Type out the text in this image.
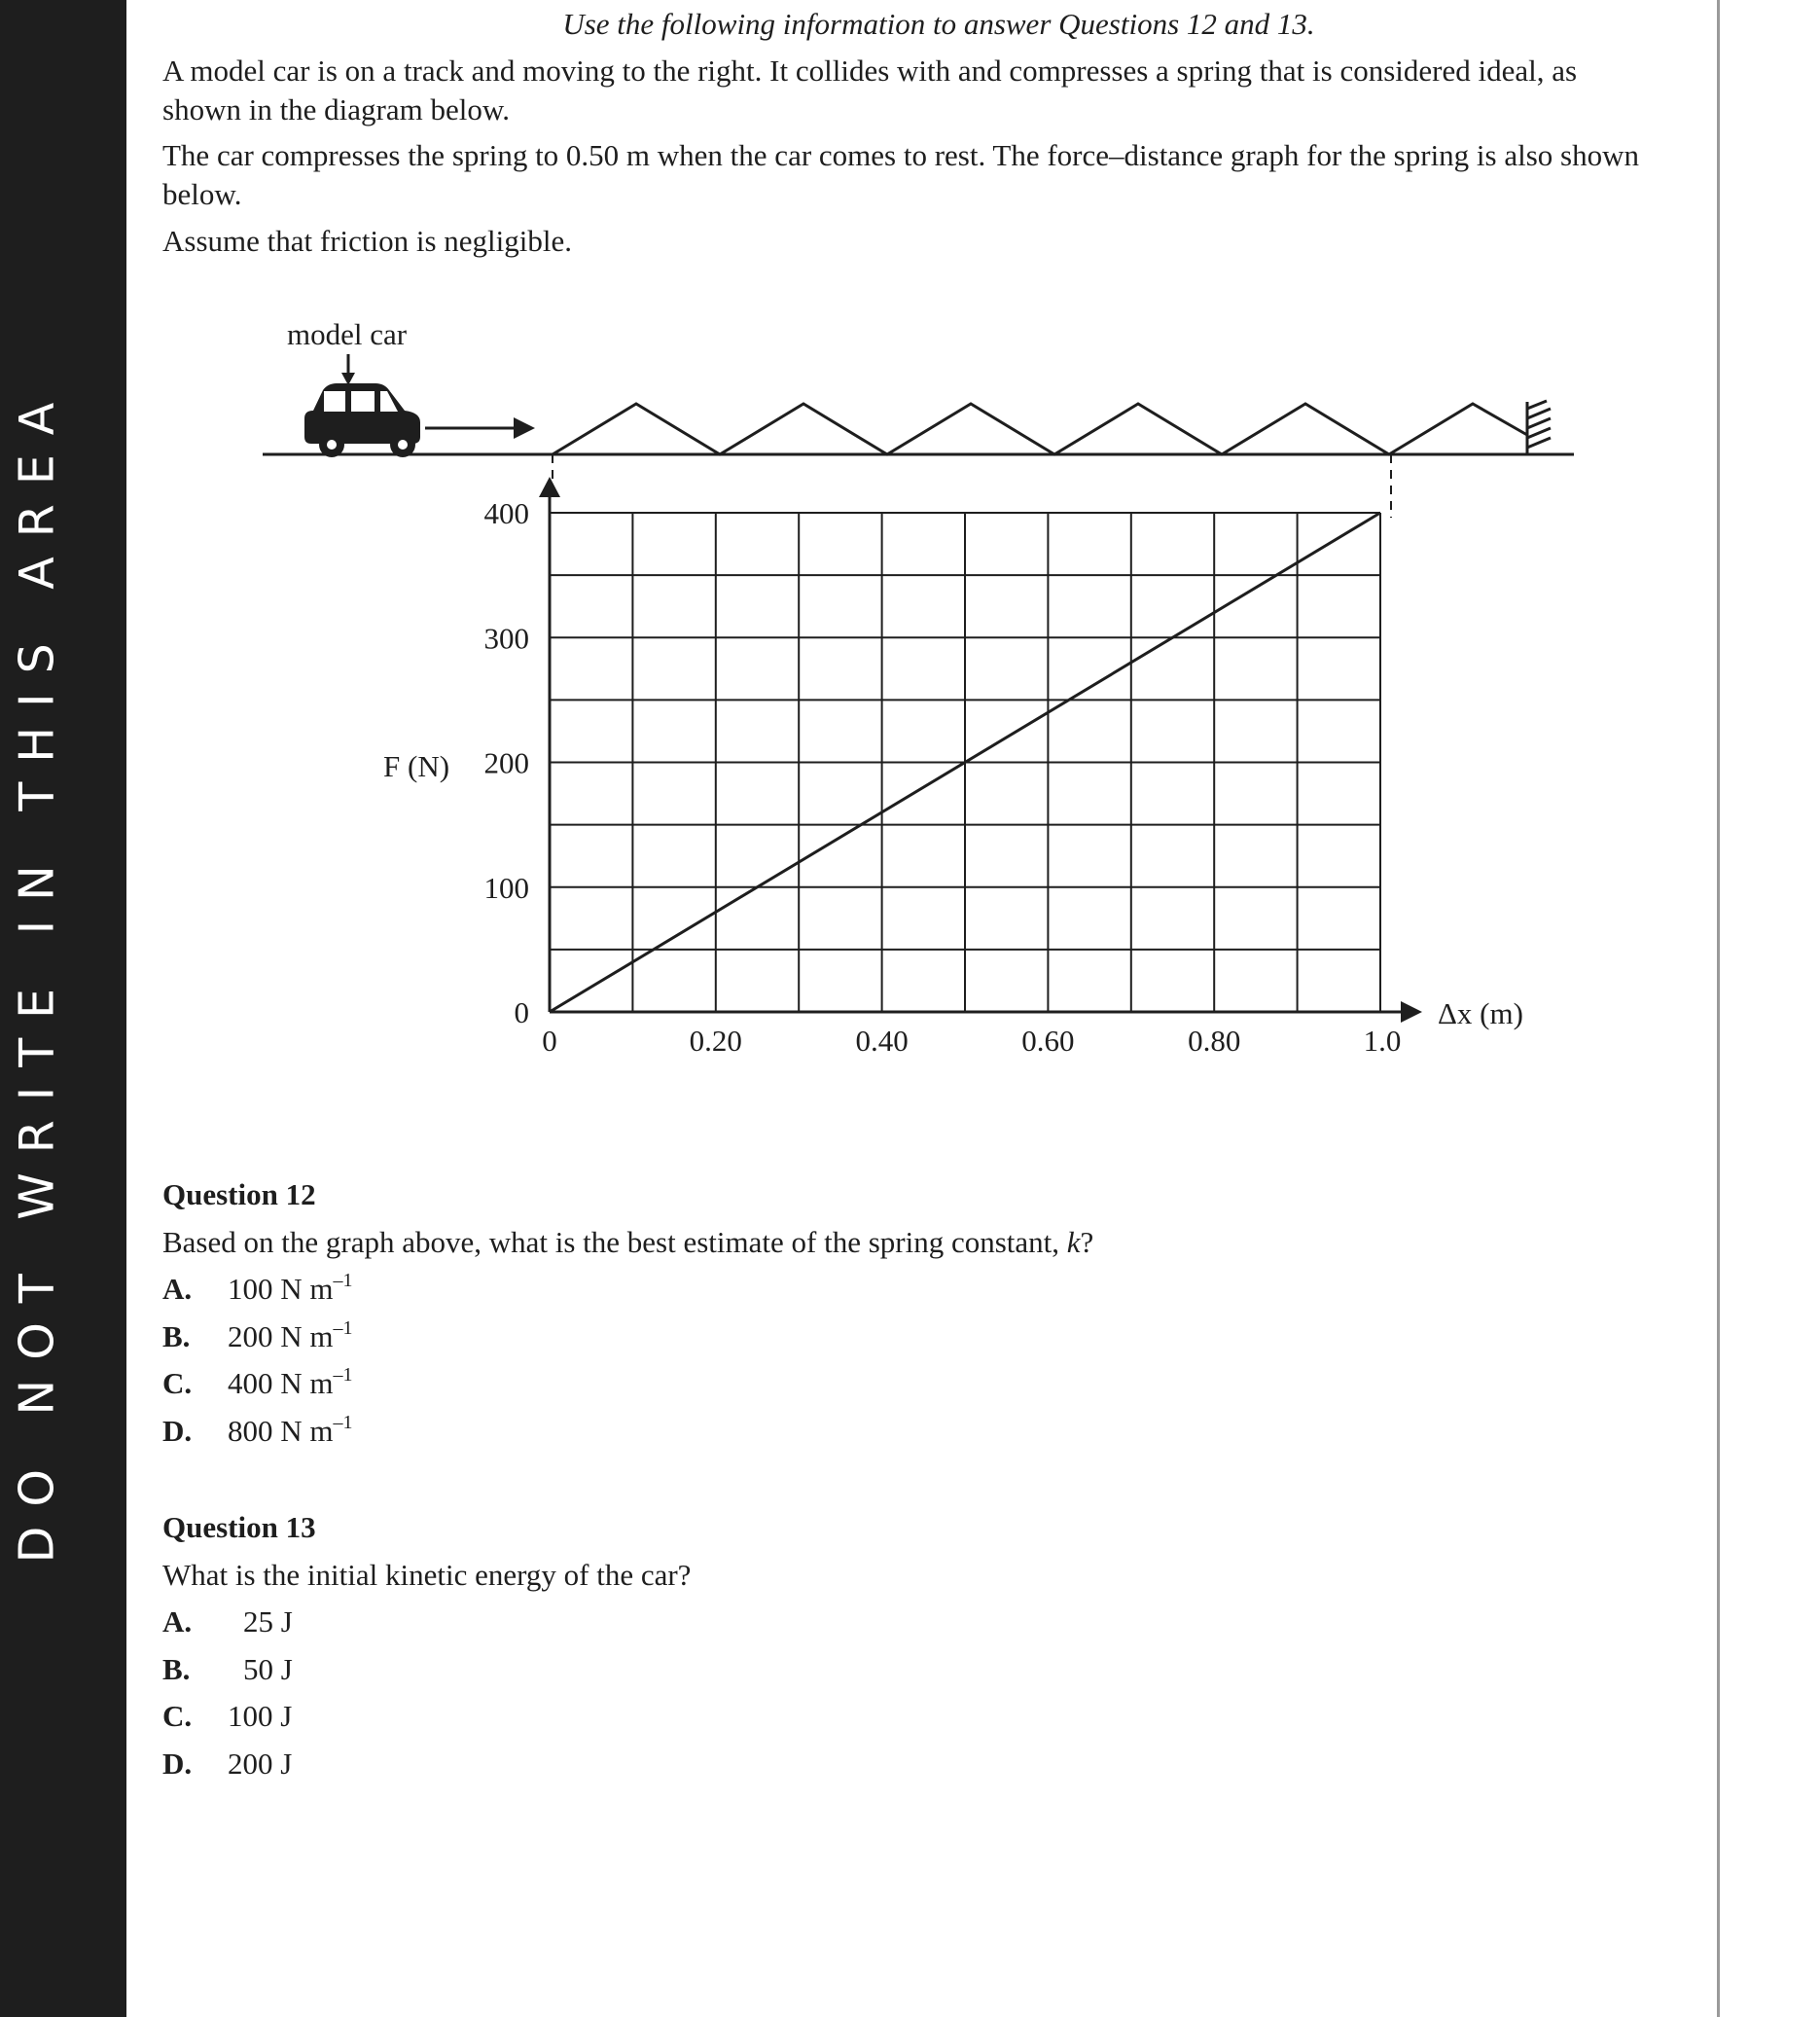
DO NOT WRITE IN THIS AREA

Use the following information to answer Questions 12 and 13.

A model car is on a track and moving to the right. It collides with and compresses a spring that is considered ideal, as shown in the diagram below.

The car compresses the spring to 0.50 m when the car comes to rest. The force–distance graph for the spring is also shown below.

Assume that friction is negligible.

model car
0
100
200
300
400
0	0.20	0.40	0.60	0.80	1.0
F (N)
Δx (m)

Question 12

Based on the graph above, what is the best estimate of the spring constant, k?

A. 100 N $m^{-1}$
B. 200 N $m^{-1}$
C. 400 N $m^{-1}$
D. 800 N $m^{-1}$

Question 13

What is the initial kinetic energy of the car?

A. 25 J
B. 50 J
C. 100 J
D. 200 J
